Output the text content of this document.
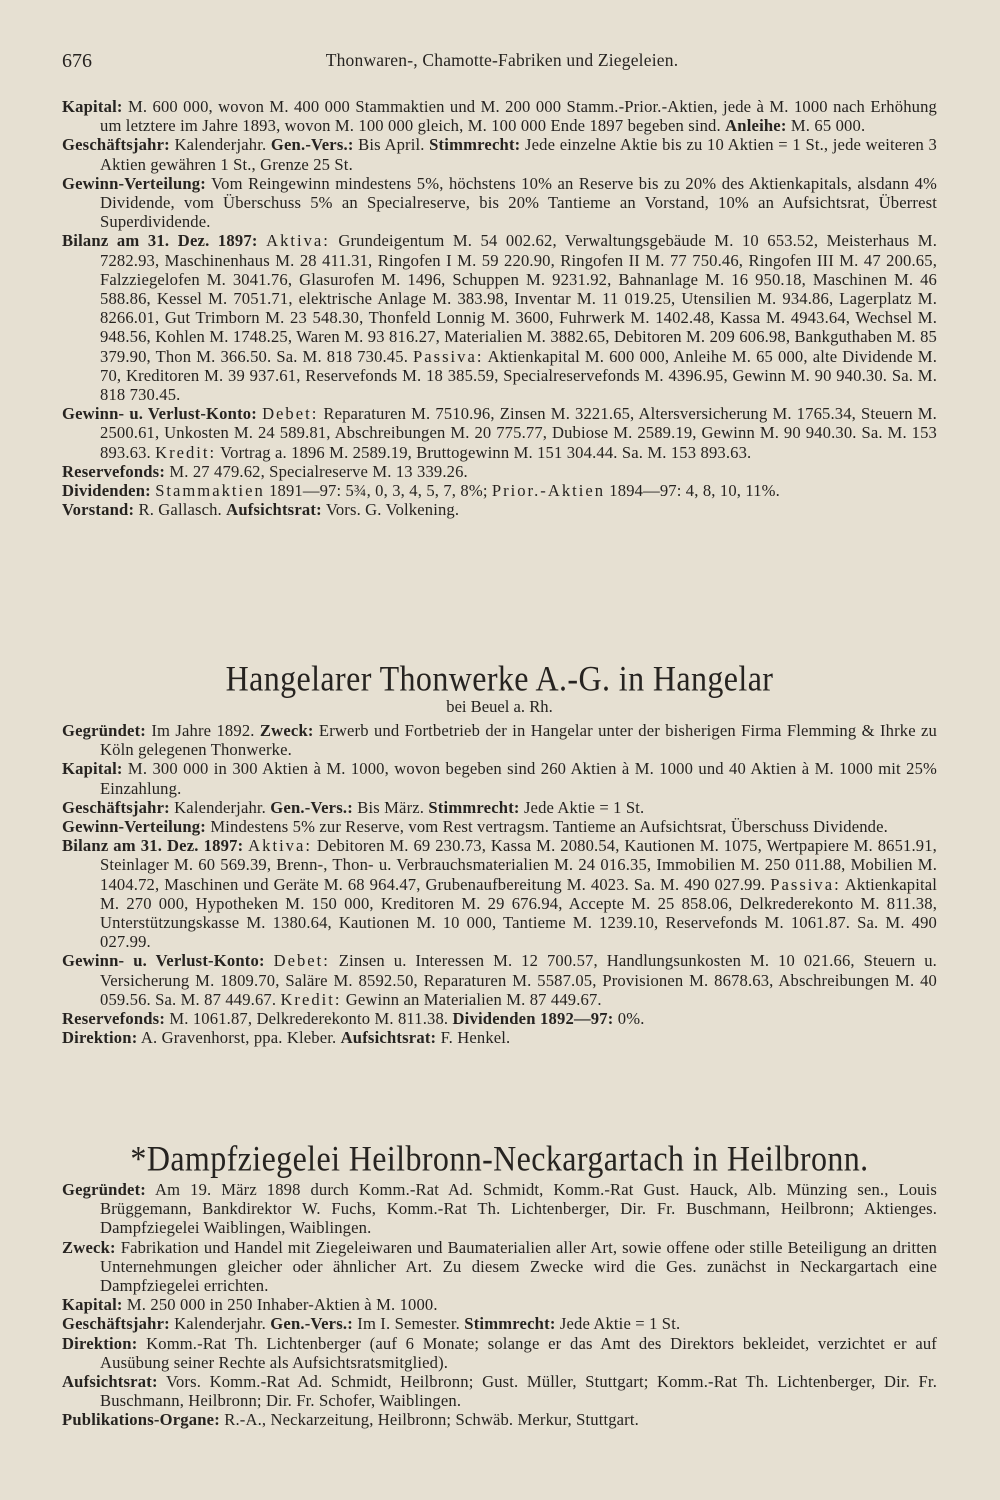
676	Thonwaren-, Chamotte-Fabriken und Ziegeleien.

Kapital: M. 600 000, wovon M. 400 000 Stammaktien und M. 200 000 Stamm.-Prior.-Aktien, jede à M. 1000 nach Erhöhung um letztere im Jahre 1893, wovon M. 100 000 gleich, M. 100 000 Ende 1897 begeben sind. Anleihe: M. 65 000.

Geschäftsjahr: Kalenderjahr. Gen.-Vers.: Bis April. Stimmrecht: Jede einzelne Aktie bis zu 10 Aktien = 1 St., jede weiteren 3 Aktien gewähren 1 St., Grenze 25 St.

Gewinn-Verteilung: Vom Reingewinn mindestens 5%, höchstens 10% an Reserve bis zu 20% des Aktienkapitals, alsdann 4% Dividende, vom Überschuss 5% an Specialreserve, bis 20% Tantieme an Vorstand, 10% an Aufsichtsrat, Überrest Superdividende.

Bilanz am 31. Dez. 1897: Aktiva: Grundeigentum M. 54 002.62, Verwaltungsgebäude M. 10 653.52, Meisterhaus M. 7282.93, Maschinenhaus M. 28 411.31, Ringofen I M. 59 220.90, Ringofen II M. 77 750.46, Ringofen III M. 47 200.65, Falzziegelofen M. 3041.76, Glasurofen M. 1496, Schuppen M. 9231.92, Bahnanlage M. 16 950.18, Maschinen M. 46 588.86, Kessel M. 7051.71, elektrische Anlage M. 383.98, Inventar M. 11 019.25, Utensilien M. 934.86, Lagerplatz M. 8266.01, Gut Trimborn M. 23 548.30, Thonfeld Lonnig M. 3600, Fuhrwerk M. 1402.48, Kassa M. 4943.64, Wechsel M. 948.56, Kohlen M. 1748.25, Waren M. 93 816.27, Materialien M. 3882.65, Debitoren M. 209 606.98, Bankguthaben M. 85 379.90, Thon M. 366.50. Sa. M. 818 730.45. Passiva: Aktienkapital M. 600 000, Anleihe M. 65 000, alte Dividende M. 70, Kreditoren M. 39 937.61, Reservefonds M. 18 385.59, Specialreservefonds M. 4396.95, Gewinn M. 90 940.30. Sa. M. 818 730.45.

Gewinn- u. Verlust-Konto: Debet: Reparaturen M. 7510.96, Zinsen M. 3221.65, Altersversicherung M. 1765.34, Steuern M. 2500.61, Unkosten M. 24 589.81, Abschreibungen M. 20 775.77, Dubiose M. 2589.19, Gewinn M. 90 940.30. Sa. M. 153 893.63. Kredit: Vortrag a. 1896 M. 2589.19, Bruttogewinn M. 151 304.44. Sa. M. 153 893.63.

Reservefonds: M. 27 479.62, Specialreserve M. 13 339.26.

Dividenden: Stammaktien 1891—97: 5¾, 0, 3, 4, 5, 7, 8%; Prior.-Aktien 1894—97: 4, 8, 10, 11%.

Vorstand: R. Gallasch. Aufsichtsrat: Vors. G. Volkening.

Hangelarer Thonwerke A.-G. in Hangelar
bei Beuel a. Rh.

Gegründet: Im Jahre 1892. Zweck: Erwerb und Fortbetrieb der in Hangelar unter der bisherigen Firma Flemming & Ihrke zu Köln gelegenen Thonwerke.

Kapital: M. 300 000 in 300 Aktien à M. 1000, wovon begeben sind 260 Aktien à M. 1000 und 40 Aktien à M. 1000 mit 25% Einzahlung.

Geschäftsjahr: Kalenderjahr. Gen.-Vers.: Bis März. Stimmrecht: Jede Aktie = 1 St.

Gewinn-Verteilung: Mindestens 5% zur Reserve, vom Rest vertragsm. Tantieme an Aufsichtsrat, Überschuss Dividende.

Bilanz am 31. Dez. 1897: Aktiva: Debitoren M. 69 230.73, Kassa M. 2080.54, Kautionen M. 1075, Wertpapiere M. 8651.91, Steinlager M. 60 569.39, Brenn-, Thon- u. Verbrauchsmaterialien M. 24 016.35, Immobilien M. 250 011.88, Mobilien M. 1404.72, Maschinen und Geräte M. 68 964.47, Grubenaufbereitung M. 4023. Sa. M. 490 027.99. Passiva: Aktienkapital M. 270 000, Hypotheken M. 150 000, Kreditoren M. 29 676.94, Accepte M. 25 858.06, Delkrederekonto M. 811.38, Unterstützungskasse M. 1380.64, Kautionen M. 10 000, Tantieme M. 1239.10, Reservefonds M. 1061.87. Sa. M. 490 027.99.

Gewinn- u. Verlust-Konto: Debet: Zinsen u. Interessen M. 12 700.57, Handlungsunkosten M. 10 021.66, Steuern u. Versicherung M. 1809.70, Saläre M. 8592.50, Reparaturen M. 5587.05, Provisionen M. 8678.63, Abschreibungen M. 40 059.56. Sa. M. 87 449.67. Kredit: Gewinn an Materialien M. 87 449.67.

Reservefonds: M. 1061.87, Delkrederekonto M. 811.38. Dividenden 1892—97: 0%.

Direktion: A. Gravenhorst, ppa. Kleber. Aufsichtsrat: F. Henkel.

*Dampfziegelei Heilbronn-Neckargartach in Heilbronn.

Gegründet: Am 19. März 1898 durch Komm.-Rat Ad. Schmidt, Komm.-Rat Gust. Hauck, Alb. Münzing sen., Louis Brüggemann, Bankdirektor W. Fuchs, Komm.-Rat Th. Lichtenberger, Dir. Fr. Buschmann, Heilbronn; Aktienges. Dampfziegelei Waiblingen, Waiblingen.

Zweck: Fabrikation und Handel mit Ziegeleiwaren und Baumaterialien aller Art, sowie offene oder stille Beteiligung an dritten Unternehmungen gleicher oder ähnlicher Art. Zu diesem Zwecke wird die Ges. zunächst in Neckargartach eine Dampfziegelei errichten.

Kapital: M. 250 000 in 250 Inhaber-Aktien à M. 1000.

Geschäftsjahr: Kalenderjahr. Gen.-Vers.: Im I. Semester. Stimmrecht: Jede Aktie = 1 St.

Direktion: Komm.-Rat Th. Lichtenberger (auf 6 Monate; solange er das Amt des Direktors bekleidet, verzichtet er auf Ausübung seiner Rechte als Aufsichtsratsmitglied).

Aufsichtsrat: Vors. Komm.-Rat Ad. Schmidt, Heilbronn; Gust. Müller, Stuttgart; Komm.-Rat Th. Lichtenberger, Dir. Fr. Buschmann, Heilbronn; Dir. Fr. Schofer, Waiblingen.

Publikations-Organe: R.-A., Neckarzeitung, Heilbronn; Schwäb. Merkur, Stuttgart.
